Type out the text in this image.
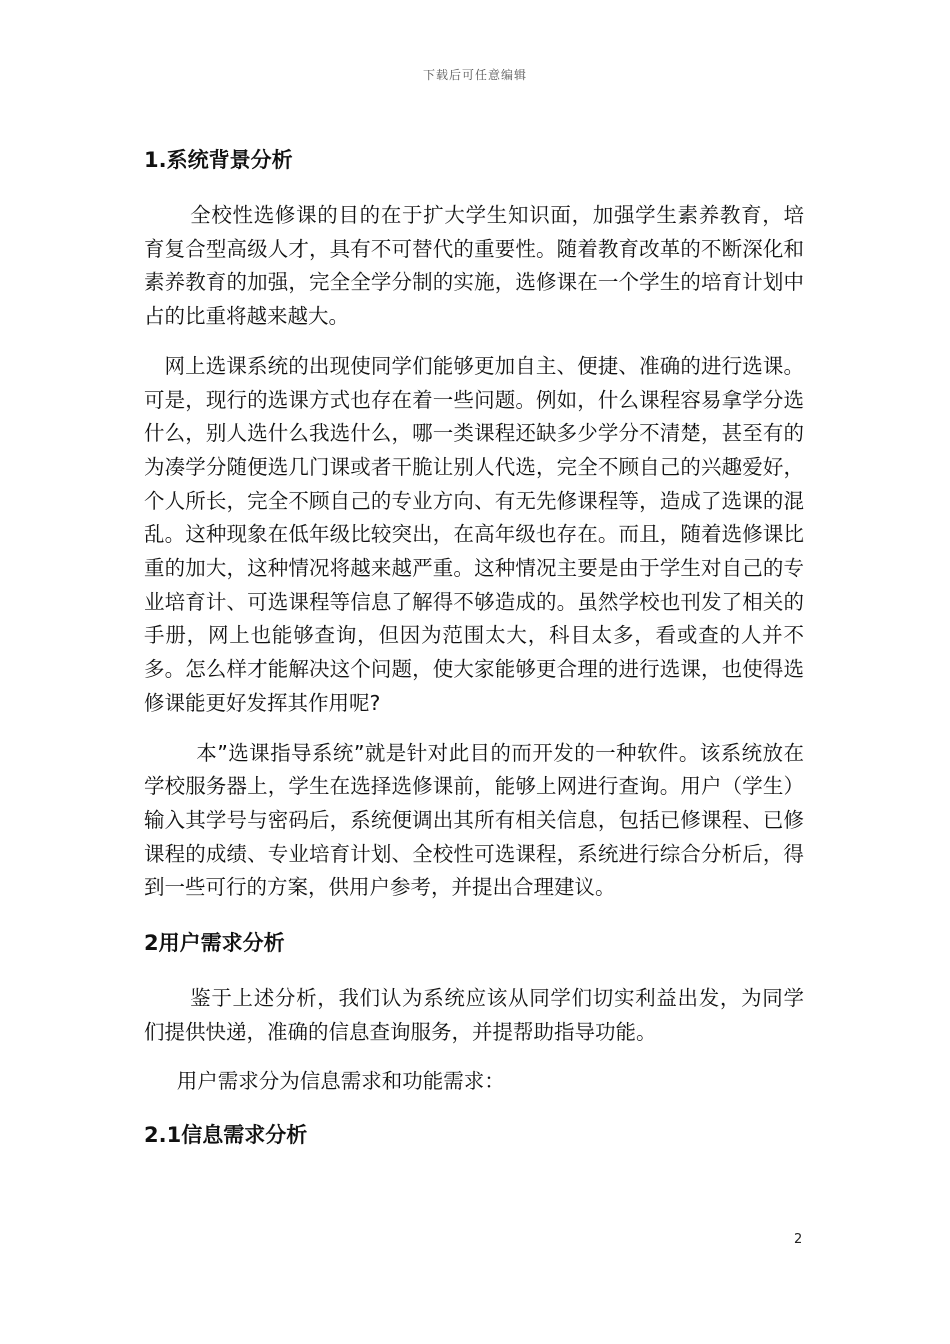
下载后可任意编辑
1.系统背景分析

全校性选修课的目的在于扩大学生知识面，加强学生素养教育，培育复合型高级人才，具有不可替代的重要性。随着教育改革的不断深化和素养教育的加强，完全全学分制的实施，选修课在一个学生的培育计划中占的比重将越来越大。

网上选课系统的出现使同学们能够更加自主、便捷、准确的进行选课。可是，现行的选课方式也存在着一些问题。例如，什么课程容易拿学分选什么，别人选什么我选什么，哪一类课程还缺多少学分不清楚，甚至有的为凑学分随便选几门课或者干脆让别人代选，完全不顾自己的兴趣爱好，个人所长，完全不顾自己的专业方向、有无先修课程等，造成了选课的混乱。这种现象在低年级比较突出，在高年级也存在。而且，随着选修课比重的加大，这种情况将越来越严重。这种情况主要是由于学生对自己的专业培育计、可选课程等信息了解得不够造成的。虽然学校也刊发了相关的手册，网上也能够查询，但因为范围太大，科目太多，看或查的人并不多。怎么样才能解决这个问题，使大家能够更合理的进行选课，也使得选修课能更好发挥其作用呢?

本”选课指导系统”就是针对此目的而开发的一种软件。该系统放在学校服务器上，学生在选择选修课前，能够上网进行查询。用户（学生）输入其学号与密码后，系统便调出其所有相关信息，包括已修课程、已修课程的成绩、专业培育计划、全校性可选课程，系统进行综合分析后，得到一些可行的方案，供用户参考，并提出合理建议。

2用户需求分析

鉴于上述分析，我们认为系统应该从同学们切实利益出发，为同学们提供快递，准确的信息查询服务，并提帮助指导功能。

用户需求分为信息需求和功能需求：

2.1信息需求分析
2
